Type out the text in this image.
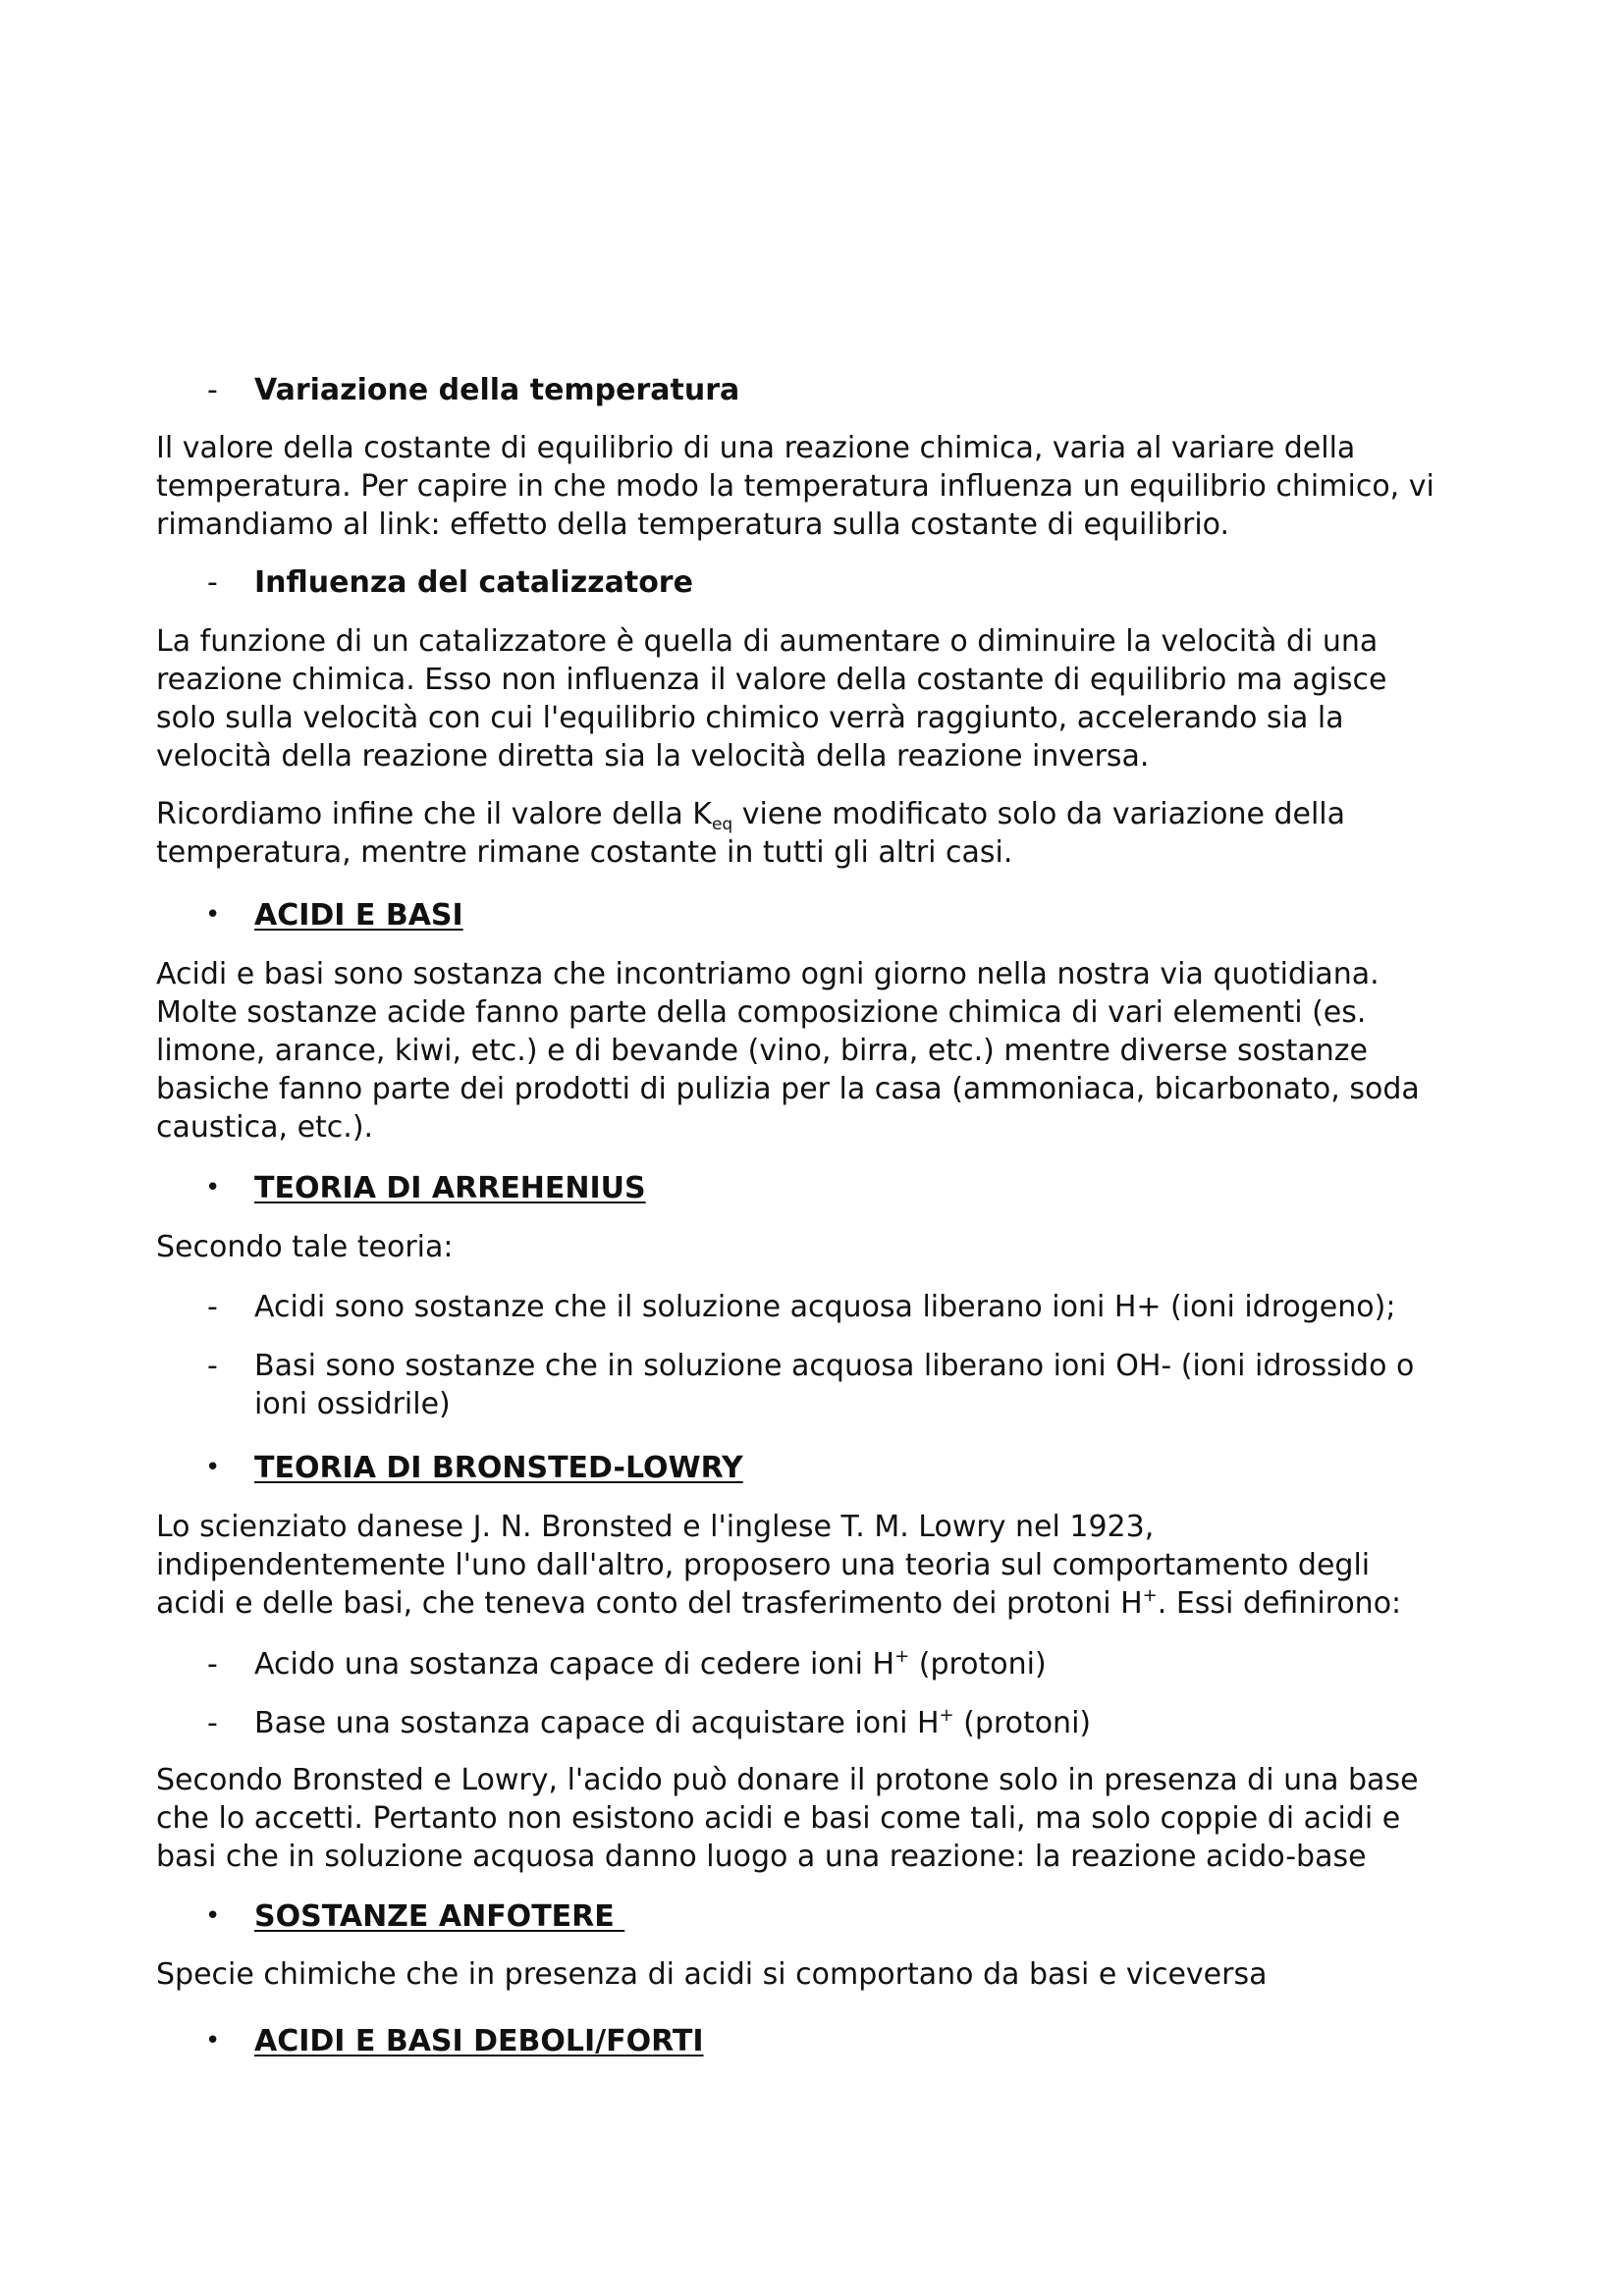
-	Variazione della temperatura
Il valore della costante di equilibrio di una reazione chimica, varia al variare della
temperatura. Per capire in che modo la temperatura influenza un equilibrio chimico, vi
rimandiamo al link: effetto della temperatura sulla costante di equilibrio.
-	Influenza del catalizzatore
La funzione di un catalizzatore è quella di aumentare o diminuire la velocità di una
reazione chimica. Esso non influenza il valore della costante di equilibrio ma agisce
solo sulla velocità con cui l'equilibrio chimico verrà raggiunto, accelerando sia la
velocità della reazione diretta sia la velocità della reazione inversa.
Ricordiamo infine che il valore della $K_{eq}$ viene modificato solo da variazione della
temperatura, mentre rimane costante in tutti gli altri casi.
• ACIDI E BASI
Acidi e basi sono sostanza che incontriamo ogni giorno nella nostra via quotidiana.
Molte sostanze acide fanno parte della composizione chimica di vari elementi (es.
limone, arance, kiwi, etc.) e di bevande (vino, birra, etc.) mentre diverse sostanze
basiche fanno parte dei prodotti di pulizia per la casa (ammoniaca, bicarbonato, soda
caustica, etc.).
• TEORIA DI ARREHENIUS
Secondo tale teoria:
-	Acidi sono sostanze che il soluzione acquosa liberano ioni H+ (ioni idrogeno);
-	Basi sono sostanze che in soluzione acquosa liberano ioni OH- (ioni idrossido o
ioni ossidrile)
• TEORIA DI BRONSTED-LOWRY
Lo scienziato danese J. N. Bronsted e l'inglese T. M. Lowry nel 1923,
indipendentemente l'uno dall'altro, proposero una teoria sul comportamento degli
acidi e delle basi, che teneva conto del trasferimento dei protoni H+. Essi definirono:
-	Acido una sostanza capace di cedere ioni H+ (protoni)
-	Base una sostanza capace di acquistare ioni H+ (protoni)
Secondo Bronsted e Lowry, l'acido può donare il protone solo in presenza di una base
che lo accetti. Pertanto non esistono acidi e basi come tali, ma solo coppie di acidi e
basi che in soluzione acquosa danno luogo a una reazione: la reazione acido-base
• SOSTANZE ANFOTERE
Specie chimiche che in presenza di acidi si comportano da basi e viceversa
• ACIDI E BASI DEBOLI/FORTI
